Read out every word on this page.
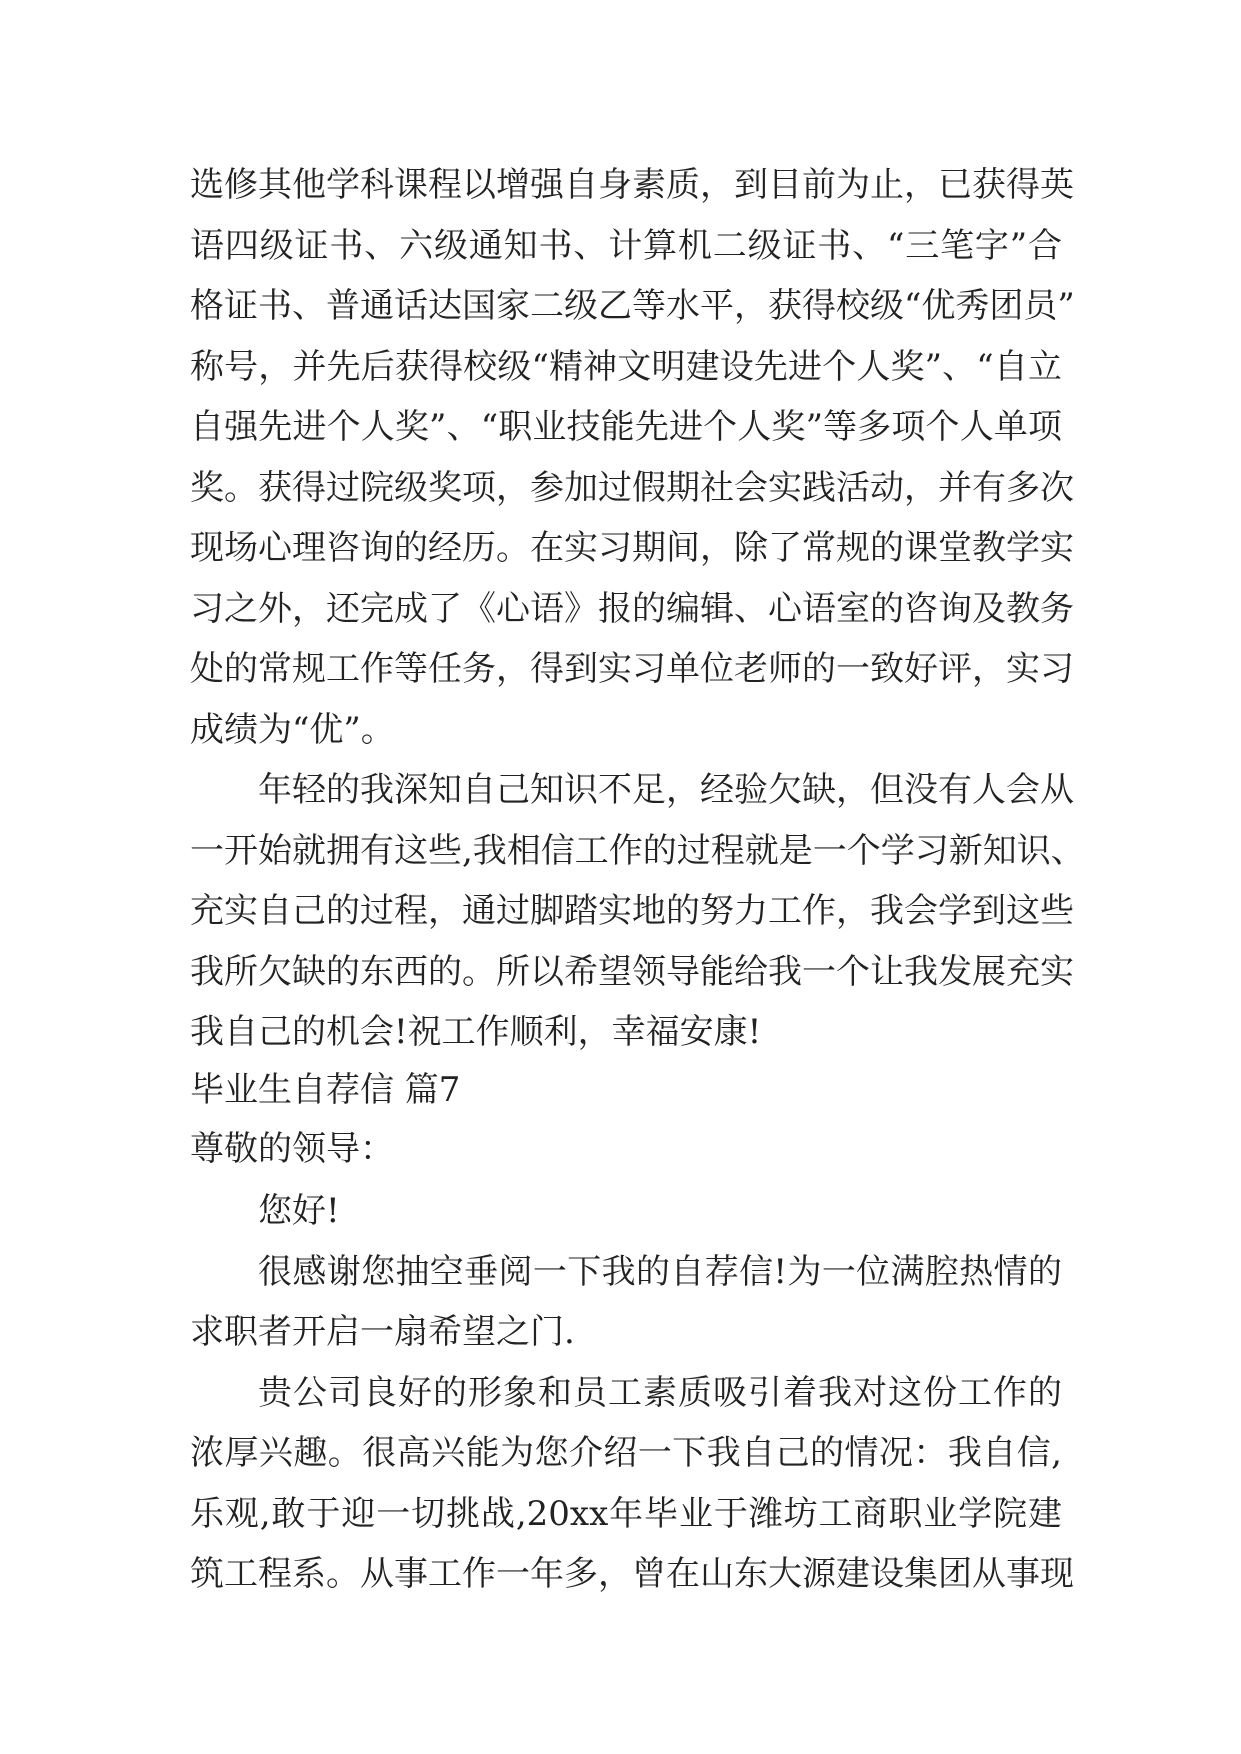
选修其他学科课程以增强自身素质，到目前为止，已获得英
语四级证书、六级通知书、计算机二级证书、“三笔字”合
格证书、普通话达国家二级乙等水平，获得校级“优秀团员”
称号，并先后获得校级“精神文明建设先进个人奖”、“自立
自强先进个人奖”、“职业技能先进个人奖”等多项个人单项
奖。获得过院级奖项，参加过假期社会实践活动，并有多次
现场心理咨询的经历。在实习期间，除了常规的课堂教学实
习之外，还完成了《心语》报的编辑、心语室的咨询及教务
处的常规工作等任务，得到实习单位老师的一致好评，实习
成绩为“优”。
年轻的我深知自己知识不足，经验欠缺，但没有人会从
一开始就拥有这些,我相信工作的过程就是一个学习新知识、
充实自己的过程，通过脚踏实地的努力工作，我会学到这些
我所欠缺的东西的。所以希望领导能给我一个让我发展充实
我自己的机会!祝工作顺利，幸福安康!
毕业生自荐信 篇7
尊敬的领导：
您好!
很感谢您抽空垂阅一下我的自荐信!为一位满腔热情的
求职者开启一扇希望之门.
贵公司良好的形象和员工素质吸引着我对这份工作的
浓厚兴趣。很高兴能为您介绍一下我自己的情况：我自信,
乐观,敢于迎一切挑战,20xx年毕业于潍坊工商职业学院建
筑工程系。从事工作一年多，曾在山东大源建设集团从事现
